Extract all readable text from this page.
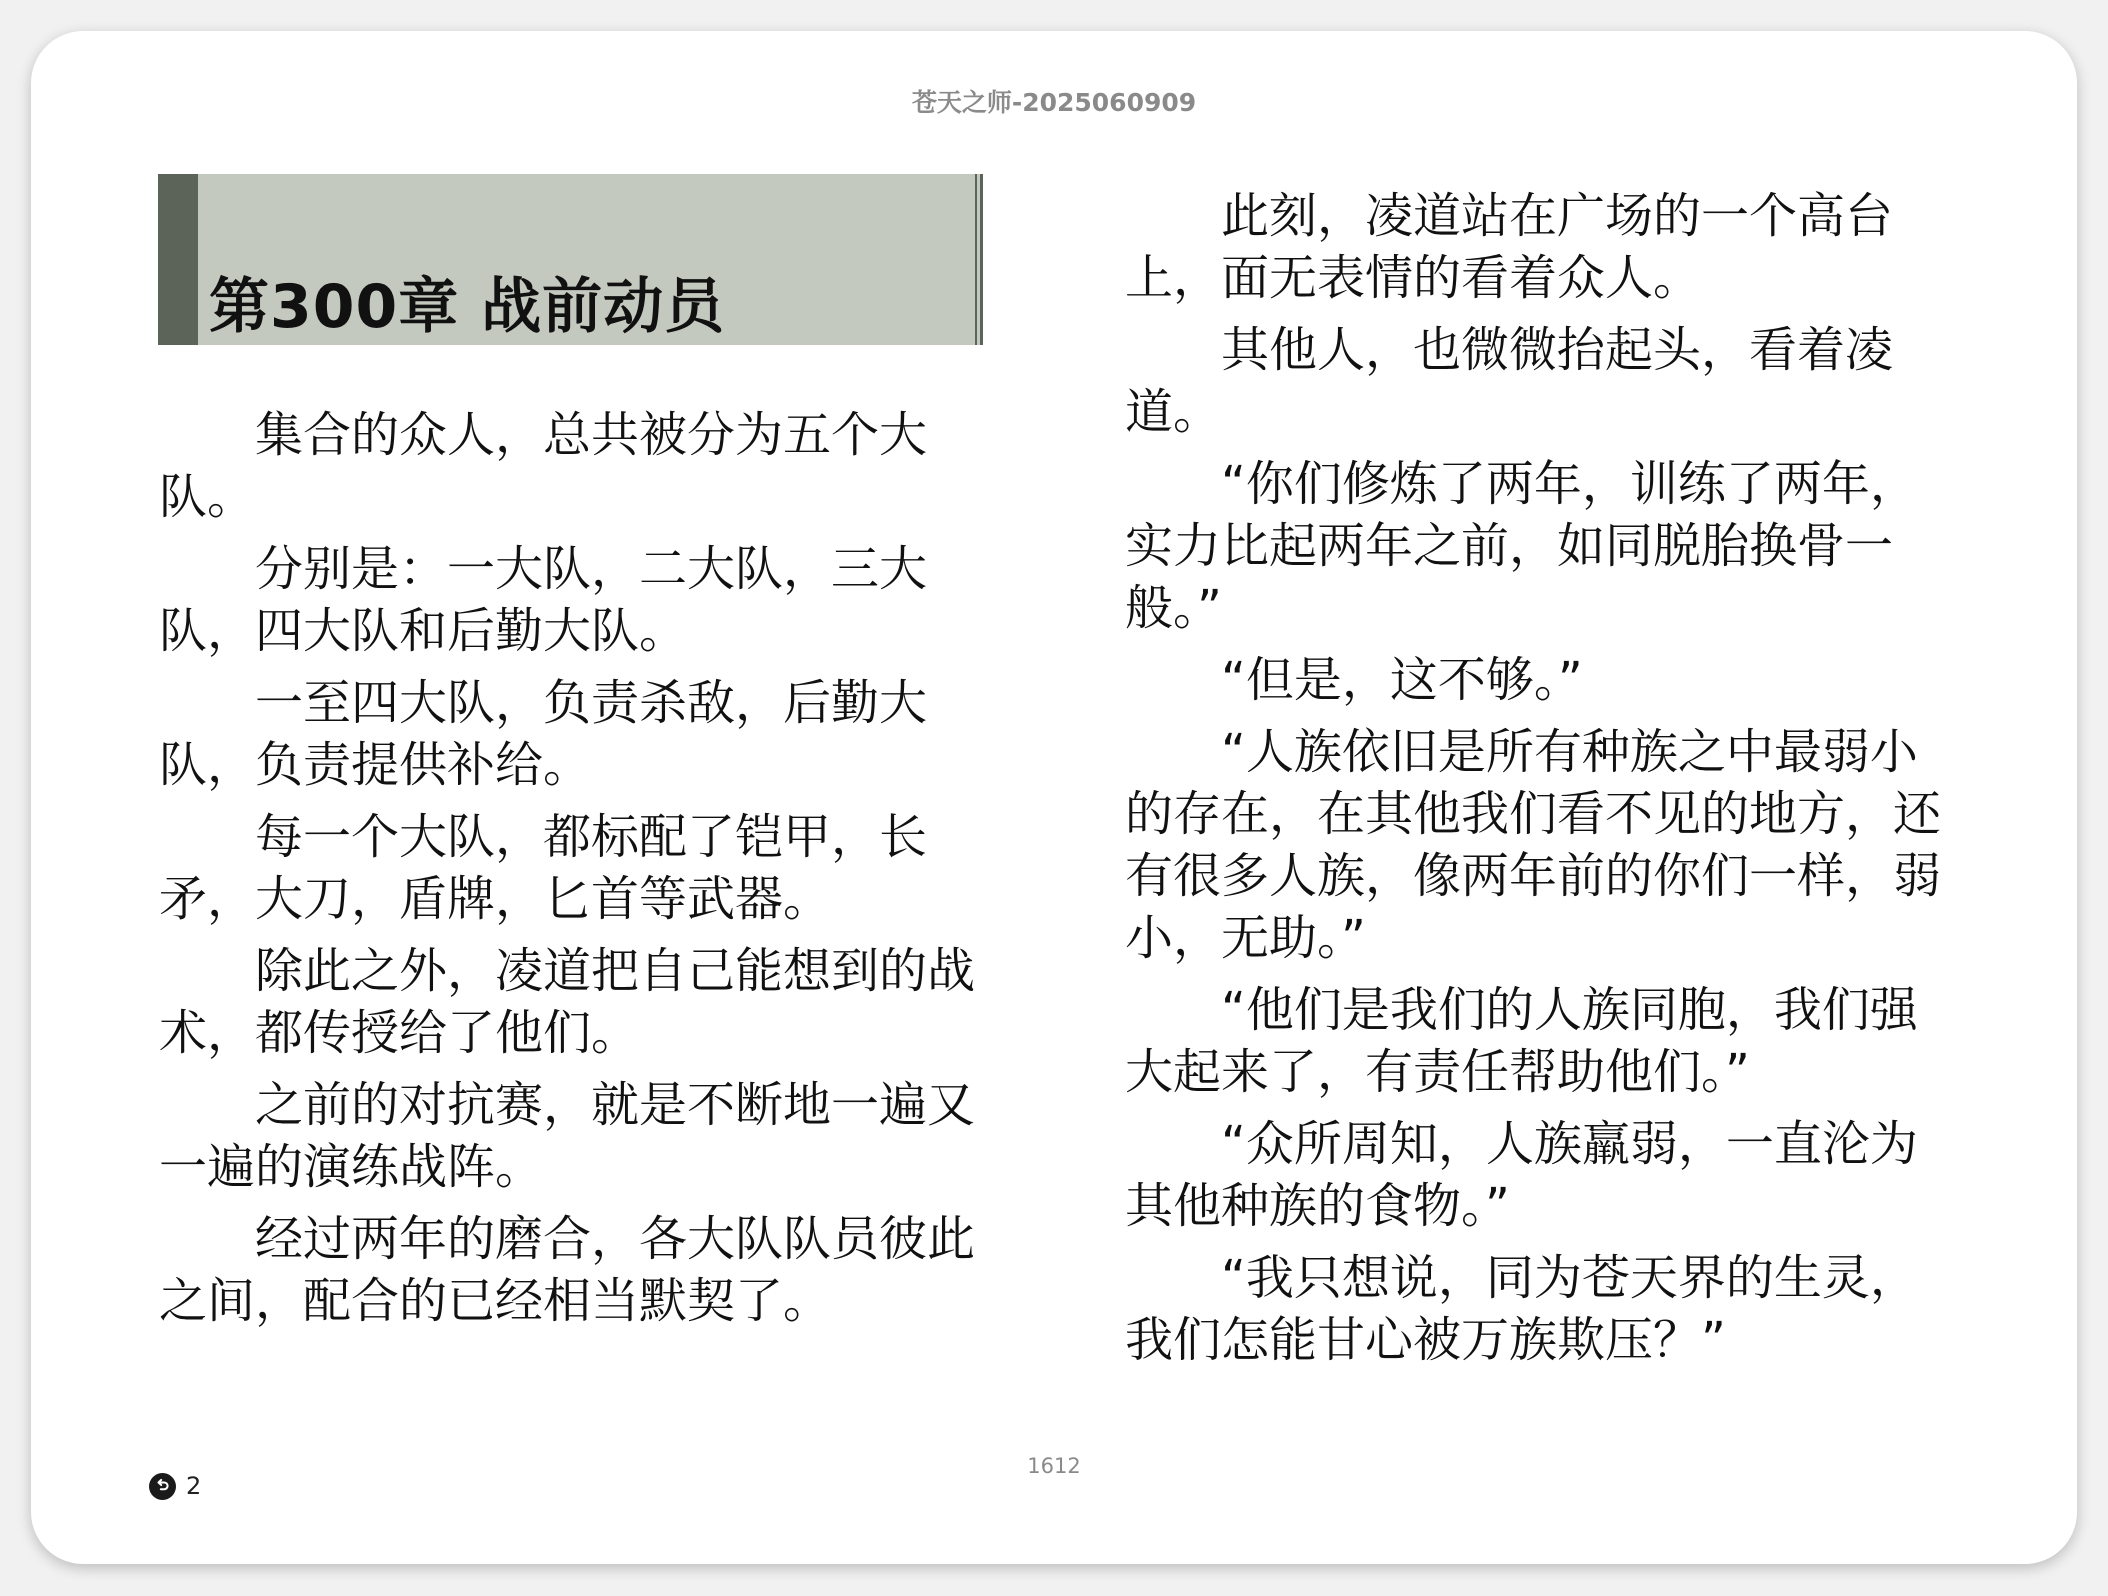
苍天之师-2025060909
第300章 战前动员

集合的众人，总共被分为五个大队。

分别是：一大队，二大队，三大队，四大队和后勤大队。

一至四大队，负责杀敌，后勤大队，负责提供补给。

每一个大队，都标配了铠甲，长矛，大刀，盾牌，匕首等武器。

除此之外，凌道把自己能想到的战术，都传授给了他们。

之前的对抗赛，就是不断地一遍又一遍的演练战阵。

经过两年的磨合，各大队队员彼此之间，配合的已经相当默契了。

此刻，凌道站在广场的一个高台上，面无表情的看着众人。

其他人，也微微抬起头，看着凌道。

“你们修炼了两年，训练了两年，实力比起两年之前，如同脱胎换骨一般。”

“但是，这不够。”

“人族依旧是所有种族之中最弱小的存在，在其他我们看不见的地方，还有很多人族，像两年前的你们一样，弱小，无助。”

“他们是我们的人族同胞，我们强大起来了，有责任帮助他们。”

“众所周知，人族羸弱，一直沦为其他种族的食物。”

“我只想说，同为苍天界的生灵，我们怎能甘心被万族欺压？”

2
1612
